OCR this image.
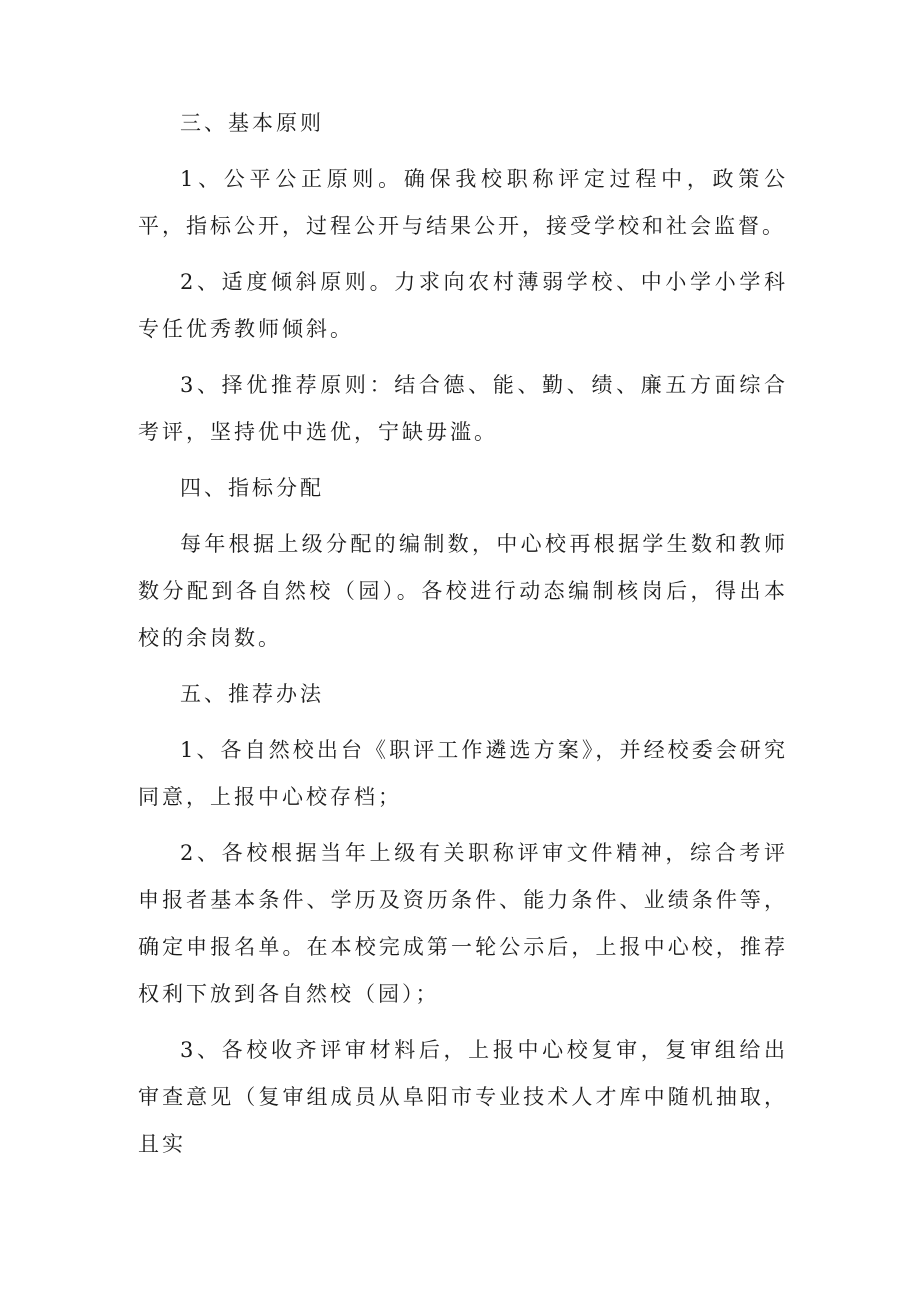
三、基本原则

1、公平公正原则。确保我校职称评定过程中，政策公平，指标公开，过程公开与结果公开，接受学校和社会监督。

2、适度倾斜原则。力求向农村薄弱学校、中小学小学科专任优秀教师倾斜。

3、择优推荐原则：结合德、能、勤、绩、廉五方面综合考评，坚持优中选优，宁缺毋滥。

四、指标分配

每年根据上级分配的编制数，中心校再根据学生数和教师数分配到各自然校（园）。各校进行动态编制核岗后，得出本校的余岗数。

五、推荐办法

1、各自然校出台《职评工作遴选方案》，并经校委会研究同意，上报中心校存档；

2、各校根据当年上级有关职称评审文件精神，综合考评申报者基本条件、学历及资历条件、能力条件、业绩条件等，确定申报名单。在本校完成第一轮公示后，上报中心校，推荐权利下放到各自然校（园）；

3、各校收齐评审材料后，上报中心校复审，复审组给出审查意见（复审组成员从阜阳市专业技术人才库中随机抽取，且实
